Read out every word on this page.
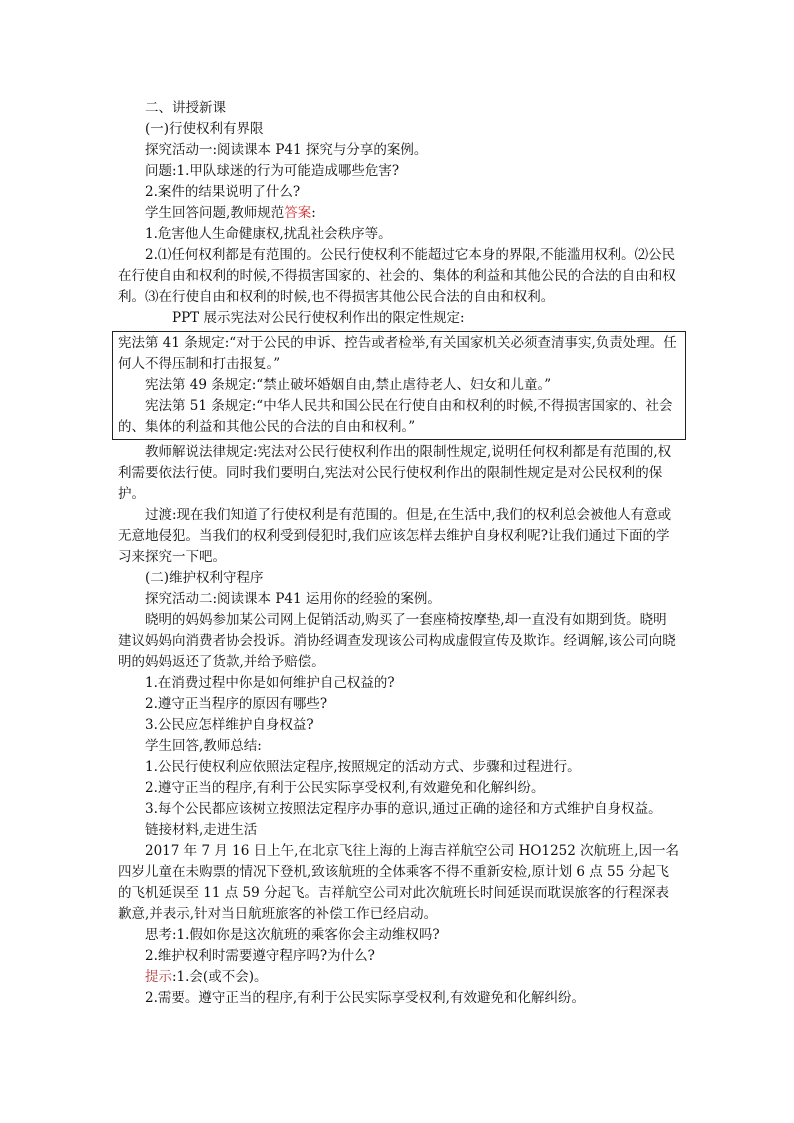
二、讲授新课

(一)行使权利有界限

探究活动一:阅读课本 P41 探究与分享的案例。

问题:1.甲队球迷的行为可能造成哪些危害?

2.案件的结果说明了什么?

学生回答问题,教师规范答案:

1.危害他人生命健康权,扰乱社会秩序等。

2.⑴任何权利都是有范围的。公民行使权利不能超过它本身的界限,不能滥用权利。⑵公民在行使自由和权利的时候,不得损害国家的、社会的、集体的利益和其他公民的合法的自由和权利。⑶在行使自由和权利的时候,也不得损害其他公民合法的自由和权利。

PPT 展示宪法对公民行使权利作出的限定性规定:

宪法第 41 条规定:“对于公民的申诉、控告或者检举,有关国家机关必须查清事实,负责处理。任何人不得压制和打击报复。”

宪法第 49 条规定:“禁止破坏婚姻自由,禁止虐待老人、妇女和儿童。”

宪法第 51 条规定:“中华人民共和国公民在行使自由和权利的时候,不得损害国家的、社会的、集体的利益和其他公民的合法的自由和权利。”

教师解说法律规定:宪法对公民行使权利作出的限制性规定,说明任何权利都是有范围的,权利需要依法行使。同时我们要明白,宪法对公民行使权利作出的限制性规定是对公民权利的保护。

过渡:现在我们知道了行使权利是有范围的。但是,在生活中,我们的权利总会被他人有意或无意地侵犯。当我们的权利受到侵犯时,我们应该怎样去维护自身权利呢?让我们通过下面的学习来探究一下吧。

(二)维护权利守程序

探究活动二:阅读课本 P41 运用你的经验的案例。

晓明的妈妈参加某公司网上促销活动,购买了一套座椅按摩垫,却一直没有如期到货。晓明建议妈妈向消费者协会投诉。消协经调查发现该公司构成虚假宣传及欺诈。经调解,该公司向晓明的妈妈返还了货款,并给予赔偿。

1.在消费过程中你是如何维护自己权益的?

2.遵守正当程序的原因有哪些?

3.公民应怎样维护自身权益?

学生回答,教师总结:

1.公民行使权利应依照法定程序,按照规定的活动方式、步骤和过程进行。

2.遵守正当的程序,有利于公民实际享受权利,有效避免和化解纠纷。

3.每个公民都应该树立按照法定程序办事的意识,通过正确的途径和方式维护自身权益。

链接材料,走进生活

2017 年 7 月 16 日上午,在北京飞往上海的上海吉祥航空公司 HO1252 次航班上,因一名四岁儿童在未购票的情况下登机,致该航班的全体乘客不得不重新安检,原计划 6 点 55 分起飞的飞机延误至 11 点 59 分起飞。吉祥航空公司对此次航班长时间延误而耽误旅客的行程深表歉意,并表示,针对当日航班旅客的补偿工作已经启动。

思考:1.假如你是这次航班的乘客你会主动维权吗?

2.维护权利时需要遵守程序吗?为什么?

提示:1.会(或不会)。

2.需要。遵守正当的程序,有利于公民实际享受权利,有效避免和化解纠纷。
